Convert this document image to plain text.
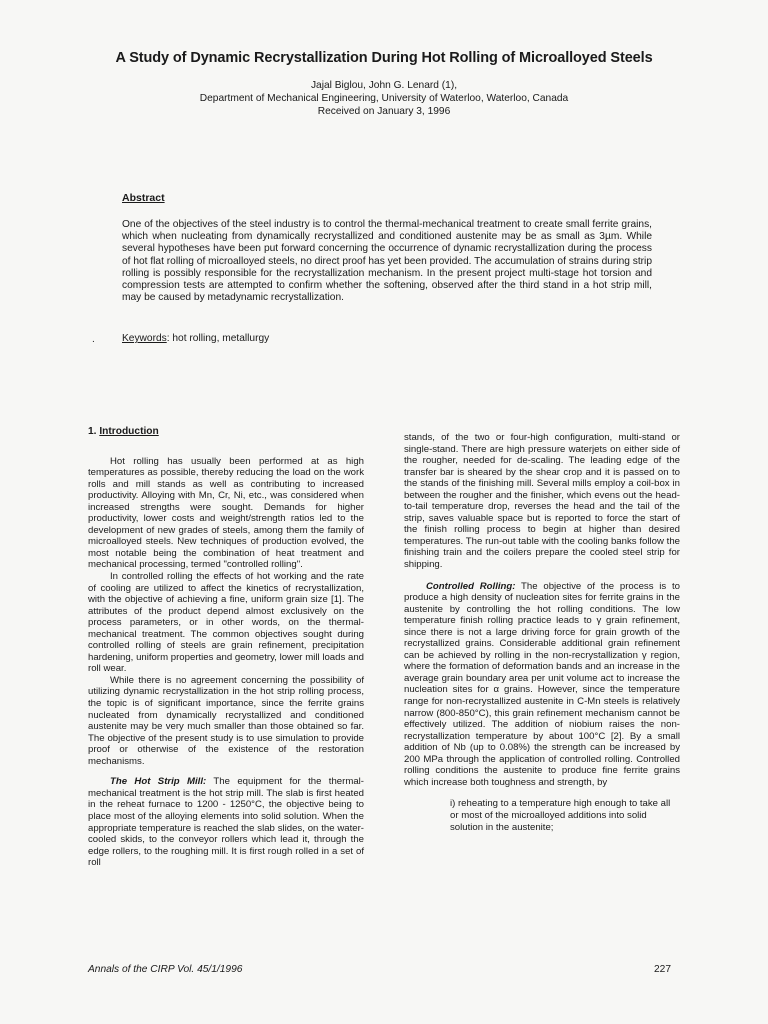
A Study of Dynamic Recrystallization During Hot Rolling of Microalloyed Steels
Jajal Biglou, John G. Lenard (1),
Department of Mechanical Engineering, University of Waterloo, Waterloo, Canada
Received on January 3, 1996
Abstract
One of the objectives of the steel industry is to control the thermal-mechanical treatment to create small ferrite grains, which when nucleating from dynamically recrystallized and conditioned austenite may be as small as 3µm. While several hypotheses have been put forward concerning the occurrence of dynamic recrystallization during the process of hot flat rolling of microalloyed steels, no direct proof has yet been provided. The accumulation of strains during strip rolling is possibly responsible for the recrystallization mechanism. In the present project multi-stage hot torsion and compression tests are attempted to confirm whether the softening, observed after the third stand in a hot strip mill, may be caused by metadynamic recrystallization.
.	Keywords: hot rolling, metallurgy

1. Introduction

Hot rolling has usually been performed at as high temperatures as possible, thereby reducing the load on the work rolls and mill stands as well as contributing to increased productivity. Alloying with Mn, Cr, Ni, etc., was considered when increased strengths were sought. Demands for higher productivity, lower costs and weight/strength ratios led to the development of new grades of steels, among them the family of microalloyed steels. New techniques of production evolved, the most notable being the combination of heat treatment and mechanical processing, termed "controlled rolling".

In controlled rolling the effects of hot working and the rate of cooling are utilized to affect the kinetics of recrystallization, with the objective of achieving a fine, uniform grain size [1]. The attributes of the product depend almost exclusively on the process parameters, or in other words, on the thermal-mechanical treatment. The common objectives sought during controlled rolling of steels are grain refinement, precipitation hardening, uniform properties and geometry, lower mill loads and roll wear.

While there is no agreement concerning the possibility of utilizing dynamic recrystallization in the hot strip rolling process, the topic is of significant importance, since the ferrite grains nucleated from dynamically recrystallized and conditioned austenite may be very much smaller than those obtained so far. The objective of the present study is to use simulation to provide proof or otherwise of the existence of the restoration mechanisms.

The Hot Strip Mill: The equipment for the thermal-mechanical treatment is the hot strip mill. The slab is first heated in the reheat furnace to 1200 - 1250°C, the objective being to place most of the alloying elements into solid solution. When the appropriate temperature is reached the slab slides, on the water-cooled skids, to the conveyor rollers which lead it, through the edge rollers, to the roughing mill. It is first rough rolled in a set of roll

stands, of the two or four-high configuration, multi-stand or single-stand. There are high pressure waterjets on either side of the rougher, needed for de-scaling. The leading edge of the transfer bar is sheared by the shear crop and it is passed on to the stands of the finishing mill. Several mills employ a coil-box in between the rougher and the finisher, which evens out the head-to-tail temperature drop, reverses the head and the tail of the strip, saves valuable space but is reported to force the start of the finish rolling process to begin at higher than desired temperatures. The run-out table with the cooling banks follow the finishing train and the coilers prepare the cooled steel strip for shipping.

Controlled Rolling: The objective of the process is to produce a high density of nucleation sites for ferrite grains in the austenite by controlling the hot rolling conditions. The low temperature finish rolling practice leads to γ grain refinement, since there is not a large driving force for grain growth of the recrystallized grains. Considerable additional grain refinement can be achieved by rolling in the non-recrystallization γ region, where the formation of deformation bands and an increase in the average grain boundary area per unit volume act to increase the nucleation sites for α grains. However, since the temperature range for non-recrystallized austenite in C-Mn steels is relatively narrow (800-850°C), this grain refinement mechanism cannot be effectively utilized. The addition of niobium raises the non-recrystallization temperature by about 100°C [2]. By a small addition of Nb (up to 0.08%) the strength can be increased by 200 MPa through the application of controlled rolling. Controlled rolling conditions the austenite to produce fine ferrite grains which increase both toughness and strength, by

i) reheating to a temperature high enough to take all or most of the microalloyed additions into solid solution in the austenite;

Annals of the CIRP Vol. 45/1/1996	227
